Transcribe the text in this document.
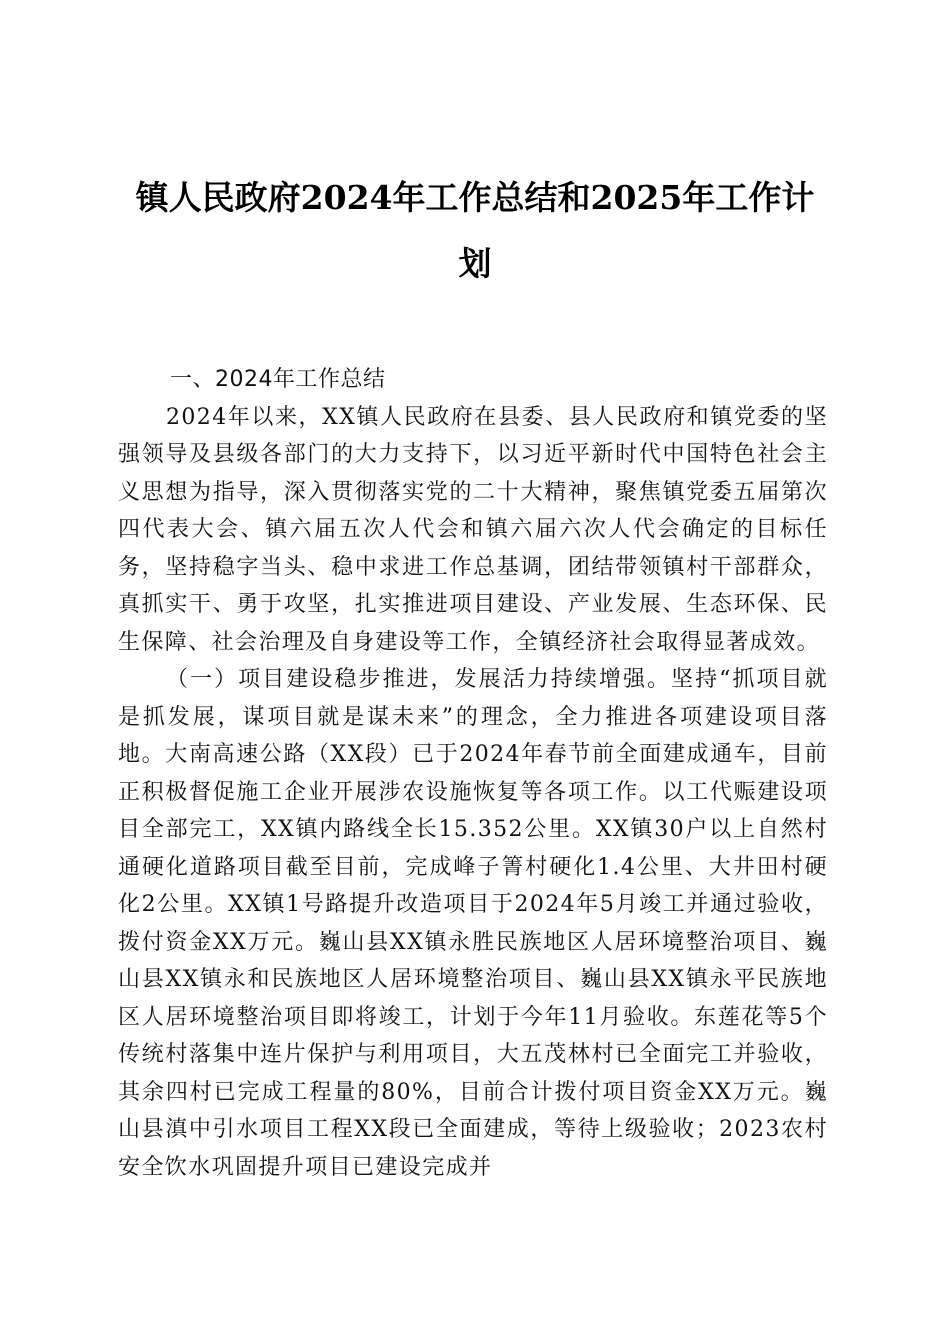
镇人民政府2024年工作总结和2025年工作计
划

一、2024年工作总结

2024年以来，XX镇人民政府在县委、县人民政府和镇党委的坚强领导及县级各部门的大力支持下，以习近平新时代中国特色社会主义思想为指导，深入贯彻落实党的二十大精神，聚焦镇党委五届第次四代表大会、镇六届五次人代会和镇六届六次人代会确定的目标任务，坚持稳字当头、稳中求进工作总基调，团结带领镇村干部群众，真抓实干、勇于攻坚，扎实推进项目建设、产业发展、生态环保、民生保障、社会治理及自身建设等工作，全镇经济社会取得显著成效。

（一）项目建设稳步推进，发展活力持续增强。坚持“抓项目就是抓发展，谋项目就是谋未来”的理念，全力推进各项建设项目落地。大南高速公路（XX段）已于2024年春节前全面建成通车，目前正积极督促施工企业开展涉农设施恢复等各项工作。以工代赈建设项目全部完工，XX镇内路线全长15.352公里。XX镇30户以上自然村通硬化道路项目截至目前，完成峰子箐村硬化1.4公里、大井田村硬化2公里。XX镇1号路提升改造项目于2024年5月竣工并通过验收，拨付资金XX万元。巍山县XX镇永胜民族地区人居环境整治项目、巍山县XX镇永和民族地区人居环境整治项目、巍山县XX镇永平民族地区人居环境整治项目即将竣工，计划于今年11月验收。东莲花等5个传统村落集中连片保护与利用项目，大五茂林村已全面完工并验收，其余四村已完成工程量的80%，目前合计拨付项目资金XX万元。巍山县滇中引水项目工程XX段已全面建成，等待上级验收；2023农村安全饮水巩固提升项目已建设完成并
